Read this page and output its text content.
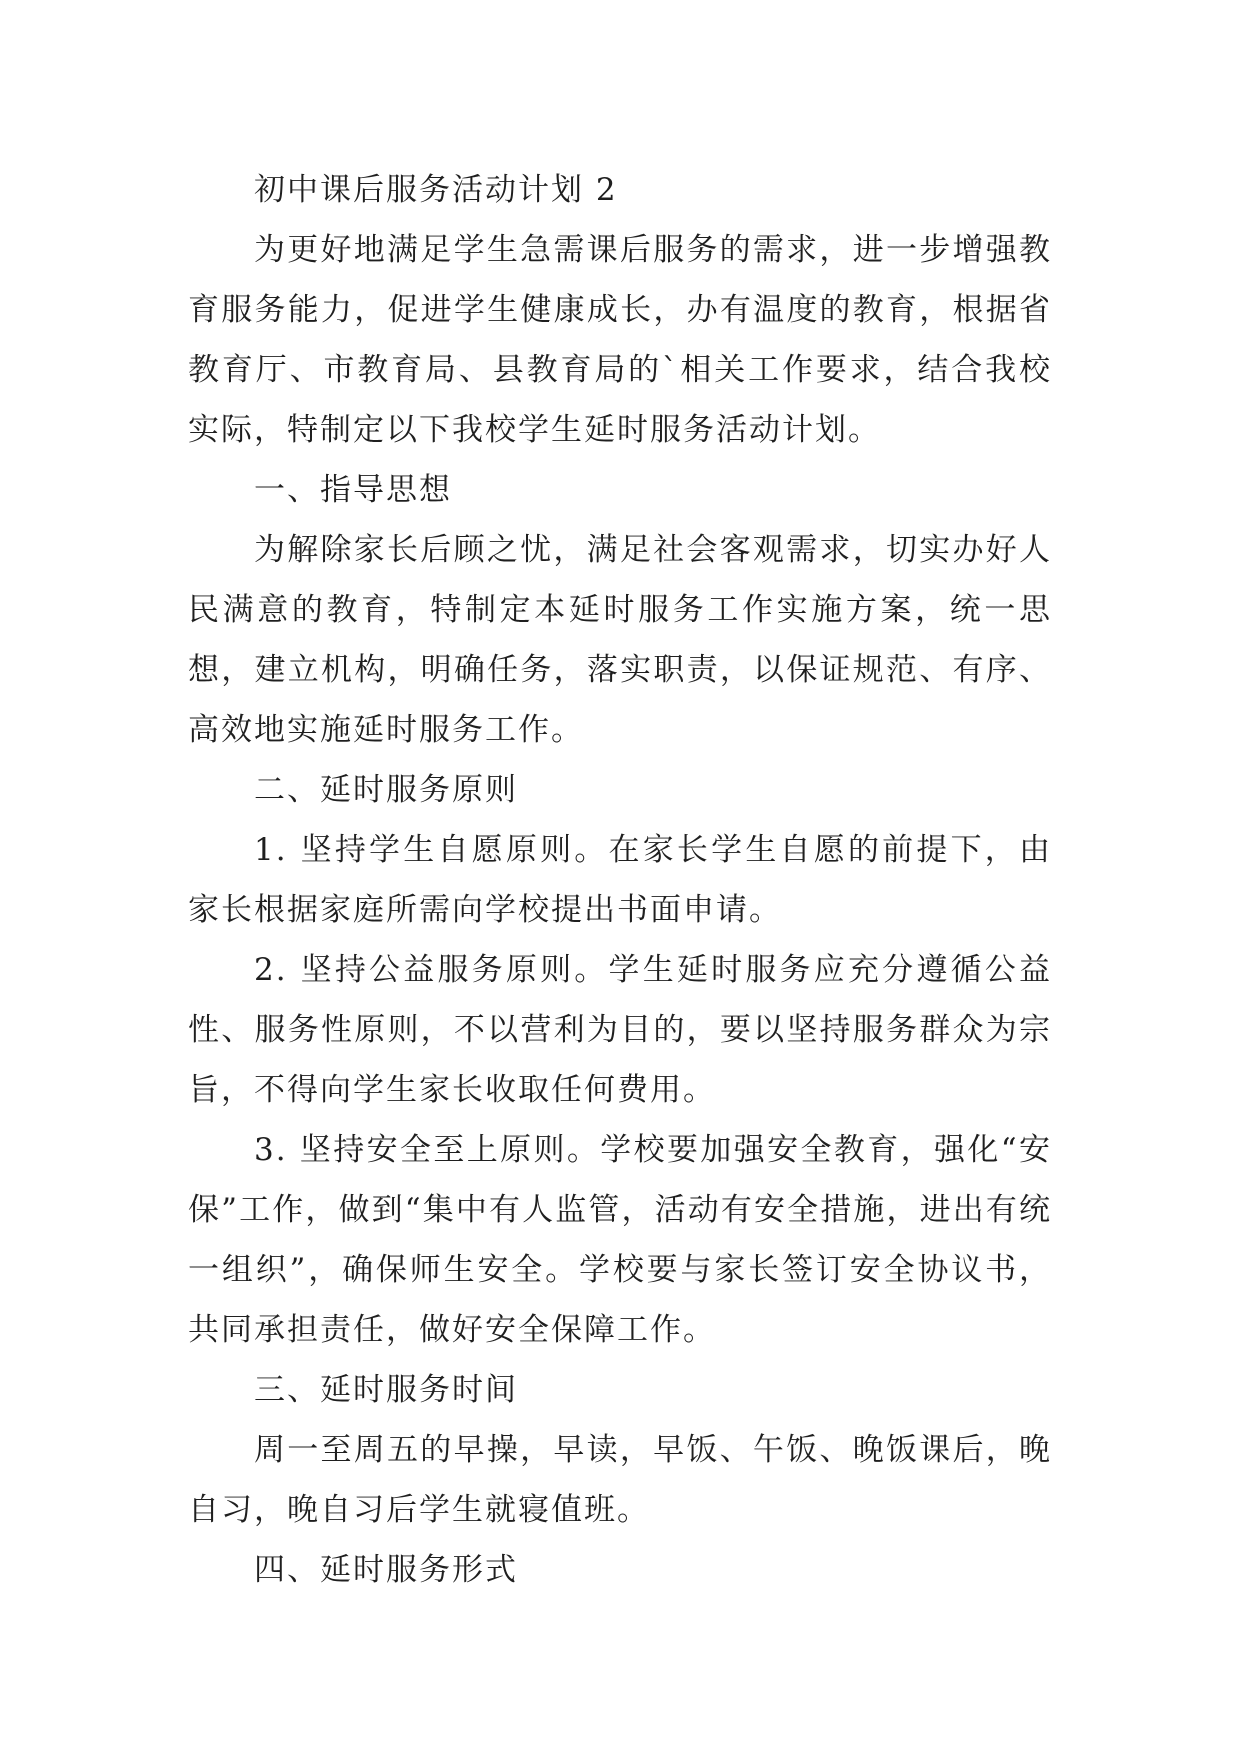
初中课后服务活动计划 2

为更好地满足学生急需课后服务的需求，进一步增强教育服务能力，促进学生健康成长，办有温度的教育，根据省教育厅、市教育局、县教育局的`相关工作要求，结合我校实际，特制定以下我校学生延时服务活动计划。

一、指导思想

为解除家长后顾之忧，满足社会客观需求，切实办好人民满意的教育，特制定本延时服务工作实施方案，统一思想，建立机构，明确任务，落实职责，以保证规范、有序、高效地实施延时服务工作。

二、延时服务原则

1. 坚持学生自愿原则。在家长学生自愿的前提下，由家长根据家庭所需向学校提出书面申请。

2. 坚持公益服务原则。学生延时服务应充分遵循公益性、服务性原则，不以营利为目的，要以坚持服务群众为宗旨，不得向学生家长收取任何费用。

3. 坚持安全至上原则。学校要加强安全教育，强化“安保”工作，做到“集中有人监管，活动有安全措施，进出有统一组织”，确保师生安全。学校要与家长签订安全协议书，共同承担责任，做好安全保障工作。

三、延时服务时间

周一至周五的早操，早读，早饭、午饭、晚饭课后，晚自习，晚自习后学生就寝值班。

四、延时服务形式
